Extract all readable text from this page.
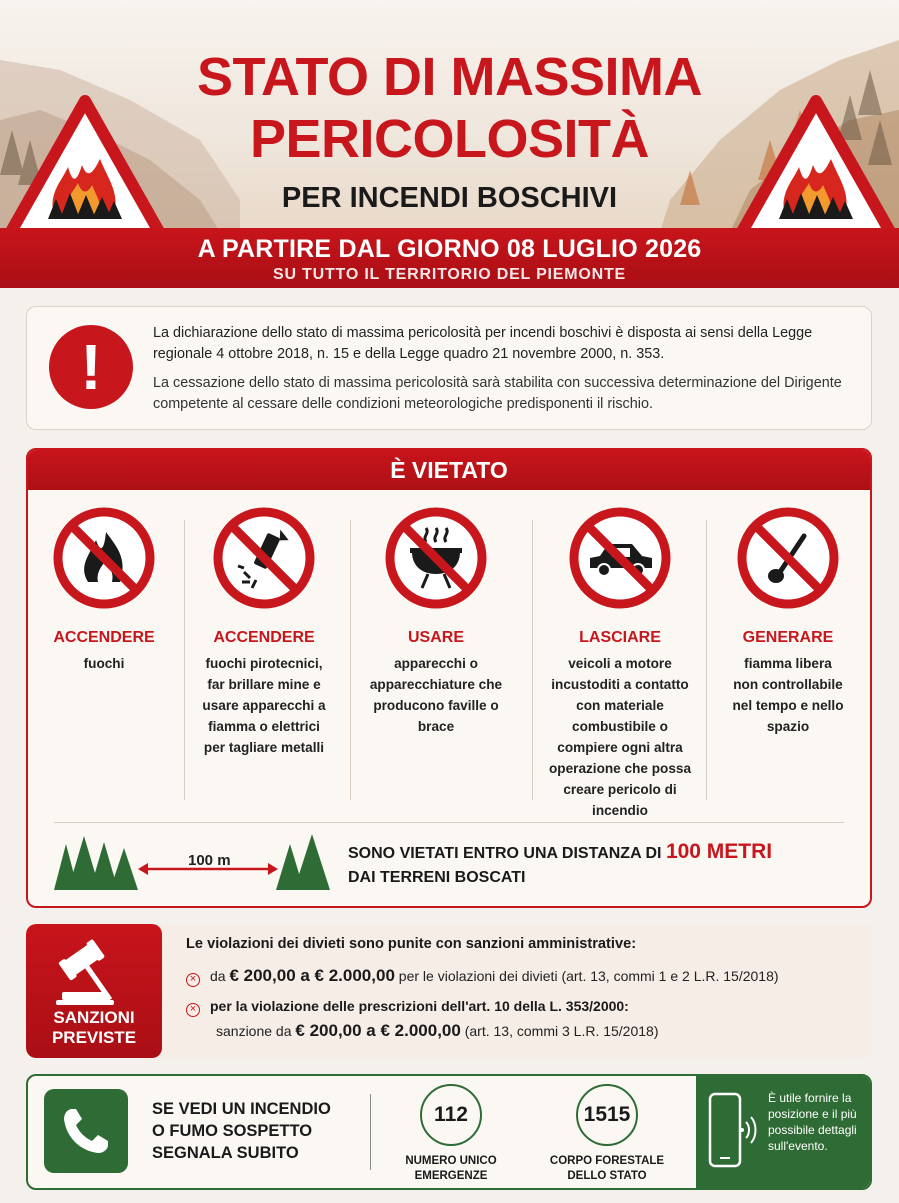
STATO DI MASSIMA
PERICOLOSITÀ
PER INCENDI BOSCHIVI
A PARTIRE DAL GIORNO 08 LUGLIO 2026
SU TUTTO IL TERRITORIO DEL PIEMONTE
!	La dichiarazione dello stato di massima pericolosità per incendi boschivi è disposta ai sensi della Legge regionale 4 ottobre 2018, n. 15 e della Legge quadro 21 novembre 2000, n. 353.

La cessazione dello stato di massima pericolosità sarà stabilita con successiva determinazione del Dirigente competente al cessare delle condizioni meteorologiche predisponenti il rischio.

È VIETATO
ACCENDERE
fuochi
ACCENDERE
fuochi pirotecnici, far brillare mine e usare apparecchi a fiamma o elettrici per tagliare metalli
USARE
apparecchi o apparecchiature che producono faville o brace
LASCIARE
veicoli a motore incustoditi a contatto con materiale combustibile o compiere ogni altra operazione che possa creare pericolo di incendio
GENERARE
fiamma libera non controllabile nel tempo e nello spazio
100 m	SONO VIETATI ENTRO UNA DISTANZA DI 100 METRI
DAI TERRENI BOSCATI
SANZIONI
PREVISTE
Le violazioni dei divieti sono punite con sanzioni amministrative:
× da € 200,00 a € 2.000,00 per le violazioni dei divieti (art. 13, commi 1 e 2 L.R. 15/2018)
× per la violazione delle prescrizioni dell'art. 10 della L. 353/2000:
sanzione da € 200,00 a € 2.000,00 (art. 13, commi 3 L.R. 15/2018)
SE VEDI UN INCENDIO
O FUMO SOSPETTO
SEGNALA SUBITO
112
NUMERO UNICO
EMERGENZE
1515
CORPO FORESTALE
DELLO STATO
È utile fornire la posizione e il più possibile dettagli sull'evento.
